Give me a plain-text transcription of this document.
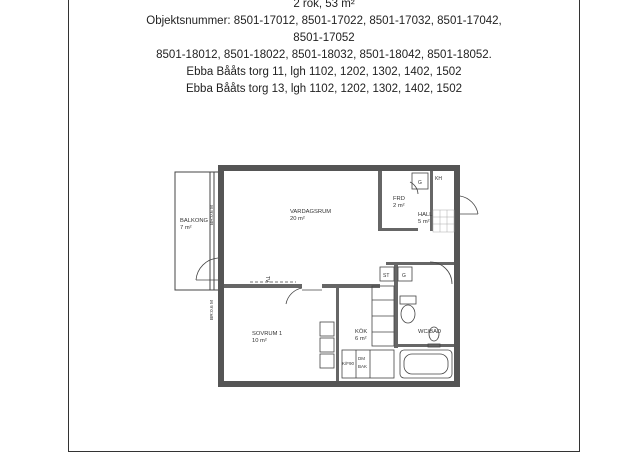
2 rok, 53 m²
Objektsnummer: 8501-17012, 8501-17022, 8501-17032, 8501-17042,
8501-17052
8501-18012, 8501-18022, 8501-18032, 8501-18042, 8501-18052.
Ebba Bååts torg 11, lgh 1102, 1202, 1302, 1402, 1502
Ebba Bååts torg 13, lgh 1102, 1202, 1302, 1402, 1502
VARDAGSRUM
20 m²
BALKONG
7 m²
FRD
2 m²
HALL
5 m²
SOVRUM 1
10 m²
KÖK
6 m²
WC/BAD
KH
G
ST	G
K/F90
DM
BAK
TV
BR:0.6 M
BR:0.6 M
